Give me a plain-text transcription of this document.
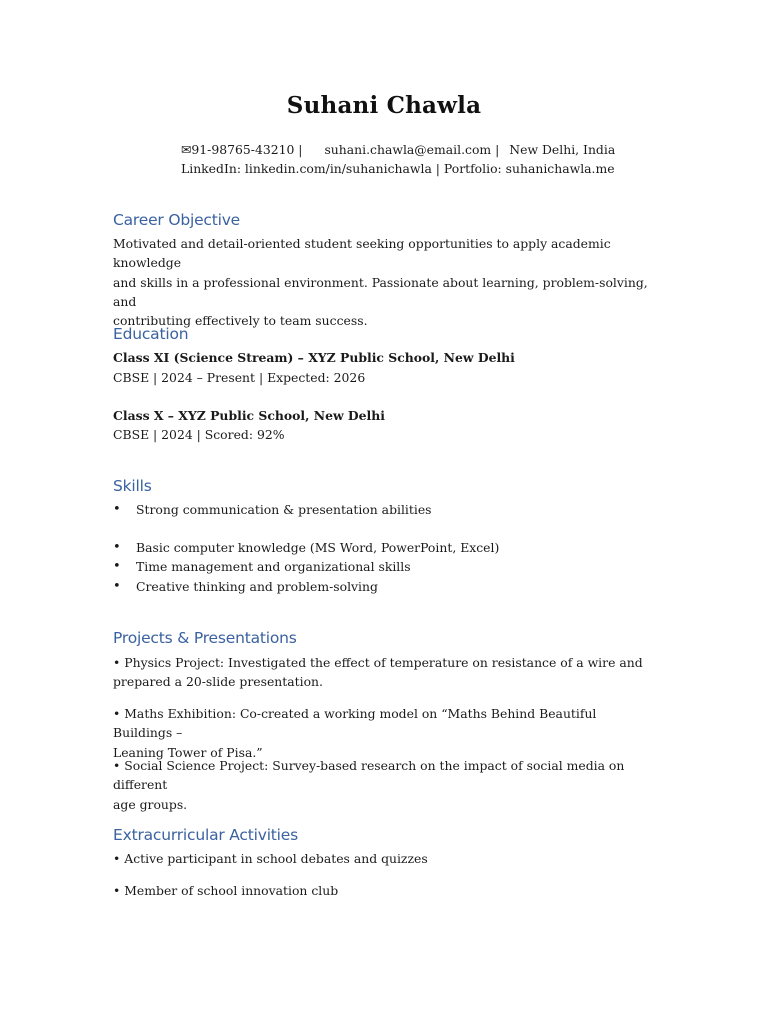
Suhani Chawla
✉91-98765-43210 | suhani.chawla@email.com | New Delhi, India
LinkedIn: linkedin.com/in/suhanichawla | Portfolio: suhanichawla.me
Career Objective
Motivated and detail-oriented student seeking opportunities to apply academic knowledge
and skills in a professional environment. Passionate about learning, problem-solving, and
contributing effectively to team success.
Education
Class XI (Science Stream) – XYZ Public School, New Delhi
CBSE | 2024 – Present | Expected: 2026
Class X – XYZ Public School, New Delhi
CBSE | 2024 | Scored: 92%
Skills
• Strong communication & presentation abilities
• Basic computer knowledge (MS Word, PowerPoint, Excel)
• Time management and organizational skills
• Creative thinking and problem-solving
Projects & Presentations
• Physics Project: Investigated the effect of temperature on resistance of a wire and
prepared a 20-slide presentation.
• Maths Exhibition: Co-created a working model on “Maths Behind Beautiful Buildings –
Leaning Tower of Pisa.”
• Social Science Project: Survey-based research on the impact of social media on different
age groups.
Extracurricular Activities
• Active participant in school debates and quizzes
• Member of school innovation club
